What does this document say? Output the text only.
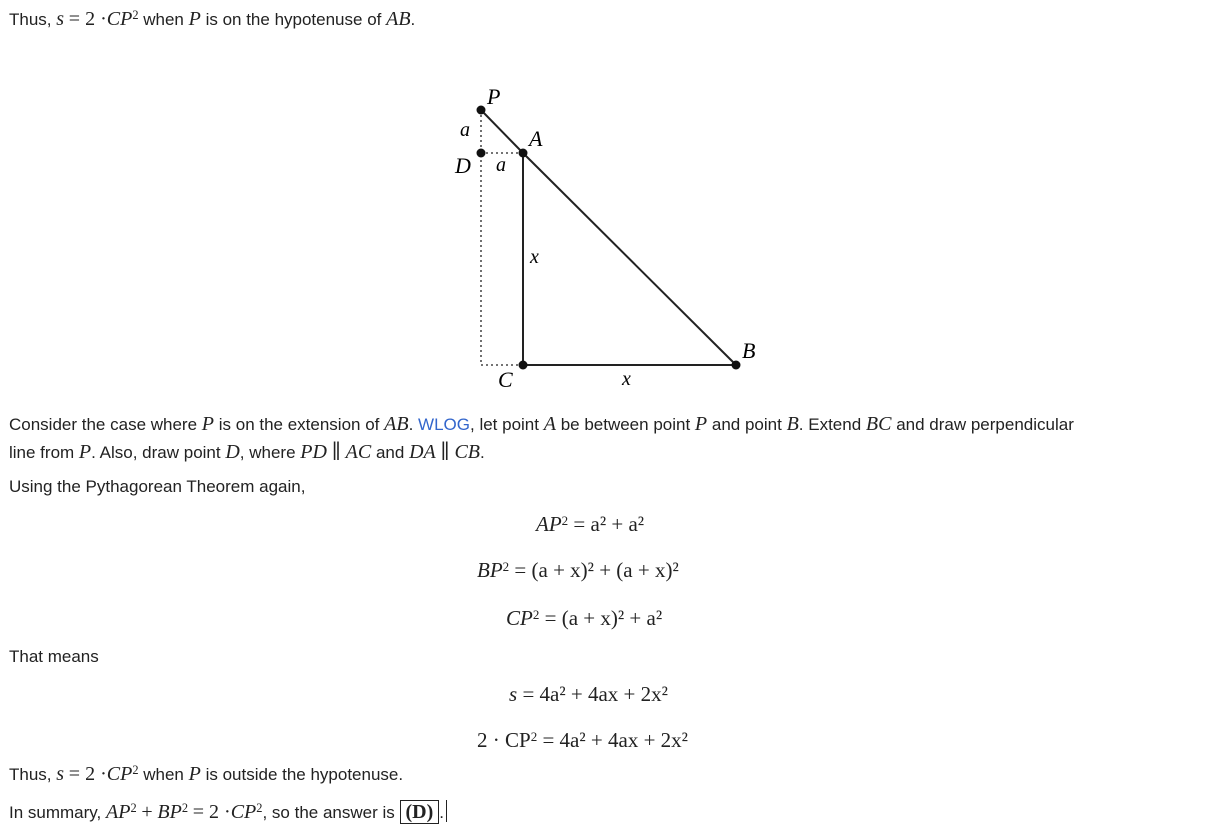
Thus, $s = 2 \cdot CP^2$ when P is on the hypotenuse of AB.
P
A
D
a
a
x
B
C	x
Consider the case where P is on the extension of AB. WLOG, let point A be between point P and point B. Extend BC and draw perpendicular
line from P. Also, draw point D, where PD ∥ AC and DA ∥ CB.
Using the Pythagorean Theorem again,
$AP^2 = a^2 + a^2$
$BP^2 = (a + x)^2 + (a + x)^2$
$CP^2 = (a + x)^2 + a^2$
That means
s = 4a² + 4ax + 2x²
$2 \cdot CP^2 = 4a^2 + 4ax + 2x^2$
Thus, $s = 2 \cdot CP^2$ when P is outside the hypotenuse.
In summary, $AP^2 + BP^2 = 2 \cdot CP^2$, so the answer is (D) .
